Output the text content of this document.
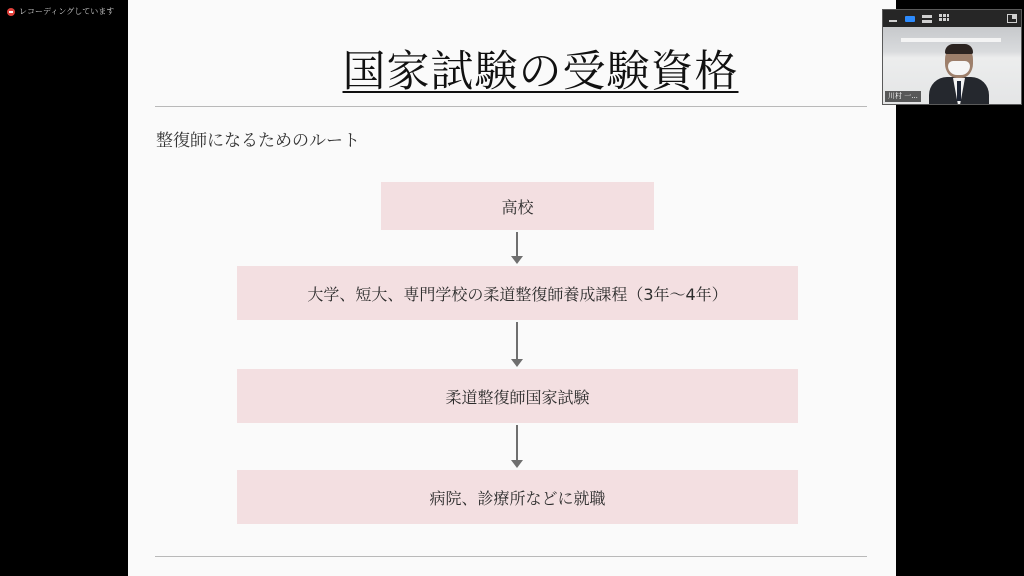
レコーディングしています
国家試験の受験資格
整復師になるためのルート
高校
大学、短大、専門学校の柔道整復師養成課程（3年～4年）
柔道整復師国家試験
病院、診療所などに就職
川村 一...
